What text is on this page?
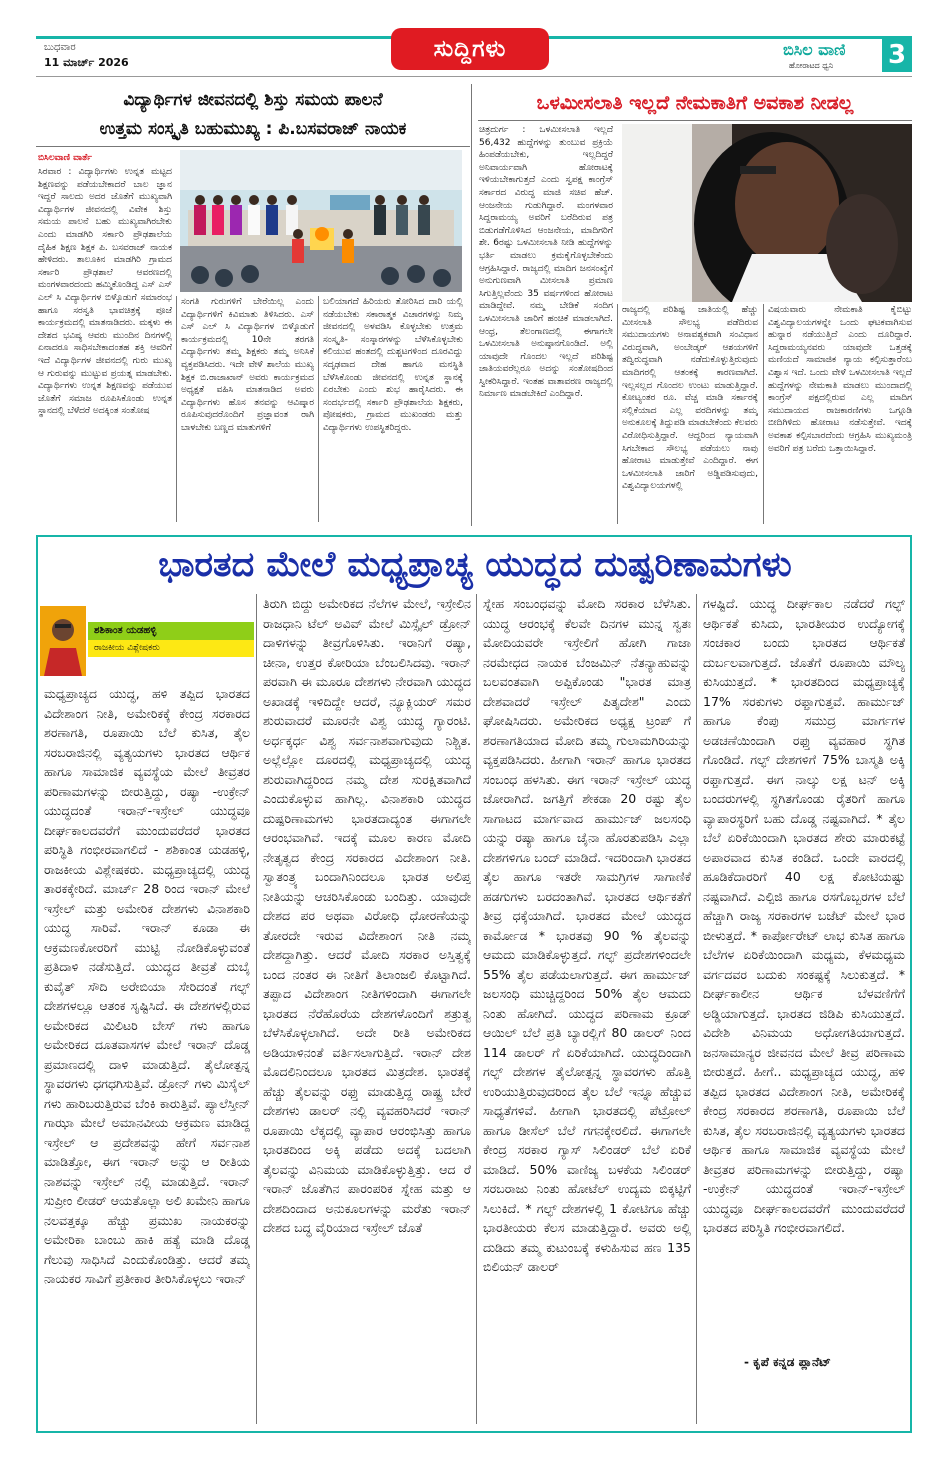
ಬುಧವಾರ
11 ಮಾರ್ಚ್ 2026
ಸುದ್ದಿಗಳು	ಬಿಸಿಲ ವಾಣಿ
ಹೋರಾಟದ ಧ್ವನಿ 3
ವಿದ್ಯಾರ್ಥಿಗಳ ಜೀವನದಲ್ಲಿ ಶಿಸ್ತು ಸಮಯ ಪಾಲನೆ
ಉತ್ತಮ ಸಂಸ್ಕೃತಿ ಬಹುಮುಖ್ಯ : ಪಿ.ಬಸವರಾಜ್ ನಾಯಕ
ಬಿಸಿಲವಾಣಿ ವಾರ್ತೆ
ಸಿರವಾರ : ವಿದ್ಯಾರ್ಥಿಗಳು ಉನ್ನತ ಮಟ್ಟದ ಶಿಕ್ಷಣವನ್ನು ಪಡೆಯಬೇಕಾದರೆ ಬಾಲ ಜ್ಞಾನ ಇದ್ದರೆ ಸಾಲದು ಅದರ ಜೊತೆಗೆ ಮುಖ್ಯವಾಗಿ ವಿದ್ಯಾರ್ಥಿಗಳ ಜೀವನದಲ್ಲಿ ವಿವೇಕ ಶಿಸ್ತು ಸಮಯ ಪಾಲನೆ ಬಹು ಮುಖ್ಯವಾಗಿರಬೇಕು ಎಂದು ಮಾಡಗಿರಿ ಸರ್ಕಾರಿ ಪ್ರೌಢಶಾಲೆಯ ದೈಹಿಕ ಶಿಕ್ಷಣ ಶಿಕ್ಷಕ ಪಿ. ಬಸವರಾಜ್ ನಾಯಕ ಹೇಳಿದರು. ತಾಲೂಕಿನ ಮಾಡಗಿರಿ ಗ್ರಾಮದ ಸರ್ಕಾರಿ ಪ್ರೌಢಶಾಲೆ ಆವರಣದಲ್ಲಿ ಮಂಗಳವಾರದಂದು ಹಮ್ಮಿಕೊಂಡಿದ್ದ ಎಸ್ ಎಸ್ ಎಲ್ ಸಿ ವಿದ್ಯಾರ್ಥಿಗಳ ಬಿಳ್ಕೊಡುಗೆ ಸಮಾರಂಭ ಹಾಗೂ ಸರಸ್ವತಿ ಭಾವಚಿತ್ರಕ್ಕೆ ಪೂಜೆ ಕಾರ್ಯಕ್ರಮದಲ್ಲಿ ಮಾತನಾಡಿದರು. ಮಕ್ಕಳು ಈ ದೇಶದ ಭವಿಷ್ಯ ಆವರು ಮುಂದಿನ ದಿನಗಳಲ್ಲಿ ಏನಾದರೂ ಸಾಧಿಸಬೇಕಾದಂತಹ ಶಕ್ತಿ ಆವರಿಗೆ ಇದೆ ವಿದ್ಯಾರ್ಥಿಗಳ ಜೀವನದಲ್ಲಿ ಗುರು ಮುಖ್ಯ ಆ ಗುರುವನ್ನು ಮುಟ್ಟುವ ಪ್ರಯತ್ನ ಮಾಡಬೇಕು. ವಿದ್ಯಾರ್ಥಿಗಳು ಉನ್ನತ ಶಿಕ್ಷಣವನ್ನು ಪಡೆಯುವ ಜೊತೆಗೆ ಸಮಾಜ ರೂಪಿಸಿಕೊಂಡು ಉನ್ನತ ಸ್ಥಾನದಲ್ಲಿ ಬೆಳೆದರೆ ಅದಕ್ಕಿಂತ ಸಂತೋಷ
ಸಂಗತಿ ಗುರುಗಳಿಗೆ ಬೇರೆಯಿಲ್ಲ ಎಂದು ವಿದ್ಯಾರ್ಥಿಗಳಿಗೆ ಕಿವಿಮಾತು ತಿಳಿಸಿದರು. ಎಸ್ ಎಸ್ ಎಲ್ ಸಿ ವಿದ್ಯಾರ್ಥಿಗಳ ಬಿಳ್ಕೊಡುಗೆ ಕಾರ್ಯಕ್ರಮದಲ್ಲಿ 10ನೇ ತರಗತಿ ವಿದ್ಯಾರ್ಥಿಗಳು ತಮ್ಮ ಶಿಕ್ಷಕರು ತಮ್ಮ ಅನಿಸಿಕೆ ವ್ಯಕ್ತಪಡಿಸಿದರು. ಇದೇ ವೇಳೆ ಶಾಲೆಯ ಮುಖ್ಯ ಶಿಕ್ಷಕ ಬಿ.ರಾಜಾಖಾನ್ ಅವರು ಕಾರ್ಯಕ್ರಮದ ಅಧ್ಯಕ್ಷತೆ ವಹಿಸಿ ಮಾತನಾಡಿದ ಅವರು ವಿದ್ಯಾರ್ಥಿಗಳು ಹೊಸ ತನವನ್ನು ಆವಿಷ್ಕಾರ ರೂಪಿಸುವುದರೊಂದಿಗೆ ಪ್ರಜ್ಞಾವಂತ ರಾಗಿ ಬಾಳಬೇಕು ಬಣ್ಣದ ಮಾತುಗಳಿಗೆ
ಬಲಿಯಾಗದೆ ಹಿರಿಯರು ತೋರಿಸಿದ ದಾರಿ ಯಲ್ಲಿ ನಡೆಯಬೇಕು ಸಕಾರಾತ್ಮಕ ವಿಚಾರಗಳನ್ನು ನಿಮ್ಮ ಜೀವನದಲ್ಲಿ ಅಳವಡಿಸಿ ಕೊಳ್ಳಬೇಕು ಉತ್ತಮ ಸಂಸ್ಕೃತಿ- ಸಂಸ್ಕಾರಗಳನ್ನು ಬೆಳೆಸಿಕೊಳ್ಳಬೇಕು ಕಲಿಯುವ ಹಂತದಲ್ಲಿ ದುಶ್ಚಟಗಳಿಂದ ದೂರವಿದ್ದು ಸದೃಢವಾದ ದೇಹ ಹಾಗೂ ಮನಸ್ಥಿತಿ ಬೆಳೆಸಿಕೊಂಡು ಜೀವನದಲ್ಲಿ ಉನ್ನತ ಸ್ಥಾನಕ್ಕೆ ಏರಬೇಕು ಎಂದು ಶುಭ ಹಾರೈಸಿದರು. ಈ ಸಂದರ್ಭದಲ್ಲಿ ಸರ್ಕಾರಿ ಪ್ರೌಢಶಾಲೆಯ ಶಿಕ್ಷಕರು, ಪೋಷಕರು, ಗ್ರಾಮದ ಮುಖಂಡರು ಮತ್ತು ವಿದ್ಯಾರ್ಥಿಗಳು ಉಪಸ್ಥಿತರಿದ್ದರು.
ಒಳಮೀಸಲಾತಿ ಇಲ್ಲದೆ ನೇಮಕಾತಿಗೆ ಅವಕಾಶ ನೀಡಲ್ಲ
ಚಿತ್ರದುರ್ಗ : ಒಳಮೀಸಲಾತಿ ಇಲ್ಲದೆ 56,432 ಹುದ್ದೆಗಳನ್ನು ತುಂಬುವ ಪ್ರಕ್ರಿಯೆ ಹಿಂಪಡೆಯಬೇಕು, ಇಲ್ಲದಿದ್ದರೆ ಅನಿವಾರ್ಯವಾಗಿ ಹೋರಾಟಕ್ಕೆ ಇಳಿಯಬೇಕಾಗುತ್ತದೆ ಎಂದು ಸ್ವಪಕ್ಷ ಕಾಂಗ್ರೆಸ್ ಸರ್ಕಾರದ ವಿರುದ್ಧ ಮಾಜಿ ಸಚಿವ ಹೆಚ್. ಆಂಜನೇಯ ಗುಡುಗಿದ್ದಾರೆ. ಮಂಗಳವಾರ ಸಿದ್ದರಾಮಯ್ಯ ಅವರಿಗೆ ಬರೆದಿರುವ ಪತ್ರ ಬಿಡುಗಡೆಗೊಳಿಸಿದ ಆಂಜನೇಯ, ಮಾದಿಗರಿಗೆ ಶೇ. 6ರಷ್ಟು ಒಳಮೀಸಲಾತಿ ನೀಡಿ ಹುದ್ದೆಗಳನ್ನು ಭರ್ತಿ ಮಾಡಲು ಕ್ರಮಕೈಗೊಳ್ಳಬೇಕೆಂದು ಆಗ್ರಹಿಸಿದ್ದಾರೆ. ರಾಜ್ಯದಲ್ಲಿ ಮಾದಿಗ ಜನಸಂಖ್ಯೆಗೆ ಅನುಗುಣವಾಗಿ ಮೀಸಲಾತಿ ಪ್ರಮಾಣ ಸಿಗುತ್ತಿಲ್ಲವೆಂದು 35 ವರ್ಷಗಳಿಂದ ಹೋರಾಟ ಮಾಡಿದ್ದೇವೆ. ನಮ್ಮ ಬೇಡಿಕೆ ಸಂದಿಗ ಒಳಮೀಸಲಾತಿ ಜಾರಿಗೆ ಹಂಚಿಕೆ ಮಾಡಲಾಗಿದೆ. ಆಂಧ್ರ, ತೆಲಂಗಾಣದಲ್ಲಿ ಈಗಾಗಲೇ ಒಳಮೀಸಲಾತಿ ಅನುಷ್ಠಾನಗೊಂಡಿದೆ. ಅಲ್ಲಿ ಯಾವುದೇ ಗೊಂದಲ ಇಲ್ಲದೆ ಪರಿಶಿಷ್ಟ ಜಾತಿಯವರೆಲ್ಲರೂ ಅದನ್ನು ಸಂತೋಷದಿಂದ ಸ್ವೀಕರಿಸಿದ್ದಾರೆ. ಇಂತಹ ವಾತಾವರಣ ರಾಜ್ಯದಲ್ಲಿ ನಿರ್ಮಾಣ ಮಾಡಬೇಕಿದೆ ಎಂದಿದ್ದಾರೆ.
ರಾಜ್ಯದಲ್ಲಿ ಪರಿಶಿಷ್ಟ ಜಾತಿಯಲ್ಲಿ ಹೆಚ್ಚು ಮೀಸಲಾತಿ ಸೌಲಭ್ಯ ಪಡೆದಿರುವ ಸಮುದಾಯಗಳು ಅನಾವಶ್ಯಕವಾಗಿ ಸಂವಿಧಾನ ವಿರುದ್ಧವಾಗಿ, ಅಂಬೇಡ್ಕರ್ ಆಶಯಗಳಿಗೆ ತದ್ವಿರುದ್ಧವಾಗಿ ನಡೆದುಕೊಳ್ಳುತ್ತಿರುವುದು ಮಾದಿಗರಲ್ಲಿ ಆತಂಕಕ್ಕೆ ಕಾರಣವಾಗಿದೆ. ಇಲ್ಲಸಲ್ಲದ ಗೊಂದಲ ಉಂಟು ಮಾಡುತ್ತಿದ್ದಾರೆ. ಕೋಟ್ಯಂತರ ರೂ. ವೆಚ್ಚ ಮಾಡಿ ಸರ್ಕಾರಕ್ಕೆ ಸಲ್ಲಿಕೆಯಾದ ಎಲ್ಲ ವರದಿಗಳನ್ನು ತಮ್ಮ ಅನುಕೂಲಕ್ಕೆ ತಿದ್ದುಪಡಿ ಮಾಡಬೇಕೆಂದು ಕೆಲವರು ವಿರೋಧಿಸುತ್ತಿದ್ದಾರೆ. ಆದ್ದರಿಂದ ನ್ಯಾಯವಾಗಿ ಸಿಗಬೇಕಾದ ಸೌಲಭ್ಯ ಪಡೆಯಲು ನಾವು ಹೋರಾಟ ಮಾಡುತ್ತೇವೆ ಎಂದಿದ್ದಾರೆ. ಈಗ ಒಳಮೀಸಲಾತಿ ಜಾರಿಗೆ ಅಡ್ಡಿಪಡಿಸುವುದು, ವಿಶ್ವವಿದ್ಯಾಲಯಗಳಲ್ಲಿ
ವಿಷಯವಾರು ನೇಮಕಾತಿ ಕೈಬಿಟ್ಟು ವಿಶ್ವವಿದ್ಯಾಲಯಗಳನ್ನೇ ಒಂದು ಘಟಕವಾಗಿಸುವ ಹುನ್ನಾರ ನಡೆಯುತ್ತಿದೆ ಎಂದು ದೂರಿದ್ದಾರೆ. ಸಿದ್ದರಾಮಯ್ಯನವರು ಯಾವುದೇ ಒತ್ತಡಕ್ಕೆ ಮಣಿಯದೆ ಸಾಮಾಜಿಕ ನ್ಯಾಯ ಕಲ್ಪಿಸುತ್ತಾರೆಂಬ ವಿಶ್ವಾಸ ಇದೆ. ಒಂದು ವೇಳೆ ಒಳಮೀಸಲಾತಿ ಇಲ್ಲದೆ ಹುದ್ದೆಗಳನ್ನು ನೇಮಕಾತಿ ಮಾಡಲು ಮುಂದಾದಲ್ಲಿ ಕಾಂಗ್ರೆಸ್ ಪಕ್ಷದಲ್ಲಿರುವ ಎಲ್ಲ ಮಾದಿಗ ಸಮುದಾಯದ ರಾಜಕಾರಣಿಗಳು ಒಗ್ಗೂಡಿ ಬೀದಿಗಿಳಿದು ಹೋರಾಟ ನಡೆಸುತ್ತೇವೆ. ಇದಕ್ಕೆ ಅವಕಾಶ ಕಲ್ಪಿಸಬಾರದೆಂದು ಆಗ್ರಹಿಸಿ ಮುಖ್ಯಮಂತ್ರಿ ಅವರಿಗೆ ಪತ್ರ ಬರೆದು ಒತ್ತಾಯಿಸಿದ್ದಾರೆ.
ಭಾರತದ ಮೇಲೆ ಮಧ್ಯಪ್ರಾಚ್ಯ ಯುದ್ಧದ ದುಷ್ಪರಿಣಾಮಗಳು
ಶಶಿಕಾಂತ ಯಡಹಳ್ಳಿ
ರಾಜಕೀಯ ವಿಶ್ಲೇಷಕರು
ಮಧ್ಯಪ್ರಾಚ್ಯದ ಯುದ್ಧ, ಹಳಿ ತಪ್ಪಿದ ಭಾರತದ ವಿದೇಶಾಂಗ ನೀತಿ, ಅಮೇರಿಕಕ್ಕೆ ಕೇಂದ್ರ ಸರಕಾರದ ಶರಣಾಗತಿ, ರೂಪಾಯಿ ಬೆಲೆ ಕುಸಿತ, ತೈಲ ಸರಬರಾಜಿನಲ್ಲಿ ವ್ಯತ್ಯಯಗಳು ಭಾರತದ ಆರ್ಥಿಕ ಹಾಗೂ ಸಾಮಾಜಿಕ ವ್ಯವಸ್ಥೆಯ ಮೇಲೆ ತೀವ್ರತರ ಪರಿಣಾಮಗಳನ್ನು ಬೀರುತ್ತಿದ್ದು, ರಷ್ಯಾ -ಉಕ್ರೇನ್ ಯುದ್ಧದಂತೆ ಇರಾನ್-ಇಸ್ರೇಲ್ ಯುದ್ಧವೂ ದೀರ್ಘಕಾಲದವರೆಗೆ ಮುಂದುವರೆದರೆ ಭಾರತದ ಪರಿಸ್ಥಿತಿ ಗಂಭೀರವಾಗಲಿದೆ - ಶಶಿಕಾಂತ ಯಡಹಳ್ಳಿ, ರಾಜಕೀಯ ವಿಶ್ಲೇಷಕರು. ಮಧ್ಯಪ್ರಾಚ್ಯದಲ್ಲಿ ಯುದ್ಧ ತಾರಕಕ್ಕೇರಿದೆ. ಮಾರ್ಚ್ 28 ರಿಂದ ಇರಾನ್ ಮೇಲೆ ಇಸ್ರೇಲ್ ಮತ್ತು ಅಮೇರಿಕ ದೇಶಗಳು ವಿನಾಶಕಾರಿ ಯುದ್ಧ ಸಾರಿವೆ. ಇರಾನ್ ಕೂಡಾ ಈ ಆಕ್ರಮಣಕೋರರಿಗೆ ಮುಟ್ಟಿ ನೋಡಿಕೊಳ್ಳುವಂತೆ ಪ್ರತಿದಾಳಿ ನಡೆಸುತ್ತಿದೆ. ಯುದ್ಧದ ತೀವ್ರತೆ ದುಬೈ ಕುವೈತ್ ಸೌದಿ ಅರೇಬಿಯಾ ಸೇರಿದಂತೆ ಗಲ್ಫ್ ದೇಶಗಳಲ್ಲೂ ಆತಂಕ ಸೃಷ್ಟಿಸಿದೆ. ಈ ದೇಶಗಳಲ್ಲಿರುವ ಅಮೇರಿಕದ ಮಿಲಿಟರಿ ಬೇಸ್ ಗಳು ಹಾಗೂ ಅಮೇರಿಕದ ದೂತವಾಸಗಳ ಮೇಲೆ ಇರಾನ್ ದೊಡ್ಡ ಪ್ರಮಾಣದಲ್ಲಿ ದಾಳಿ ಮಾಡುತ್ತಿದೆ. ತೈಲೋತ್ಪನ್ನ ಸ್ಥಾವರಗಳು ಧಗಧಗಿಸುತ್ತಿವೆ. ಡ್ರೋನ್ ಗಳು ಮಿಸೈಲ್ ಗಳು ಹಾರಿಬರುತ್ತಿರುವ ಬೆಂಕಿ ಕಾರುತ್ತಿವೆ. ಪ್ಯಾಲೆಸ್ತೀನ್ ಗಾಝಾ ಮೇಲೆ ಅಮಾನವೀಯ ಆಕ್ರಮಣ ಮಾಡಿದ್ದ ಇಸ್ರೇಲ್ ಆ ಪ್ರದೇಶವನ್ನು ಹೇಗೆ ಸರ್ವನಾಶ ಮಾಡಿತ್ತೋ, ಈಗ ಇರಾನ್ ಅನ್ನು ಆ ರೀತಿಯ ನಾಶವನ್ನು ಇಸ್ರೇಲ್ ನಲ್ಲಿ ಮಾಡುತ್ತಿದೆ. ಇರಾನ್ ಸುಪ್ರೀಂ ಲೀಡರ್ ಆಯತೊಲ್ಲಾ ಅಲಿ ಖಮೇನಿ ಹಾಗೂ ನಲವತ್ತಕ್ಕೂ ಹೆಚ್ಚು ಪ್ರಮುಖ ನಾಯಕರನ್ನು ಅಮೇರಿಕಾ ಬಾಂಬು ಹಾಕಿ ಹತ್ಯೆ ಮಾಡಿ ದೊಡ್ಡ ಗೆಲುವು ಸಾಧಿಸಿದೆ ಎಂದುಕೊಂಡಿತ್ತು. ಆದರೆ ತಮ್ಮ ನಾಯಕರ ಸಾವಿಗೆ ಪ್ರತೀಕಾರ ತೀರಿಸಿಕೊಳ್ಳಲು ಇರಾನ್
ತಿರುಗಿ ಬಿದ್ದು ಅಮೇರಿಕದ ನೆಲೆಗಳ ಮೇಲೆ, ಇಸ್ರೇಲಿನ ರಾಜಧಾನಿ ಟೆಲ್ ಅವಿವ್ ಮೇಲೆ ಮಿಸ್ಸೈಲ್ ಡ್ರೋನ್ ದಾಳಿಗಳನ್ನು ತೀವ್ರಗೊಳಿಸಿತು. ಇರಾನಿಗೆ ರಷ್ಯಾ, ಚೀನಾ, ಉತ್ತರ ಕೋರಿಯಾ ಬೆಂಬಲಿಸಿದವು. ಇರಾನ್ ಪರವಾಗಿ ಈ ಮೂರೂ ದೇಶಗಳು ನೇರವಾಗಿ ಯುದ್ಧದ ಅಖಾಡಕ್ಕೆ ಇಳಿದಿದ್ದೇ ಆದರೆ, ನ್ಯೂಕ್ಲಿಯರ್ ಸಮರ ಶುರುವಾದರೆ ಮೂರನೇ ವಿಶ್ವ ಯುದ್ಧ ಗ್ಯಾರಂಟಿ. ಅರ್ಧಕ್ಕರ್ಧ ವಿಶ್ವ ಸರ್ವನಾಶವಾಗುವುದು ನಿಶ್ಚಿತ. ಅಲ್ಲೆಲ್ಲೋ ದೂರದಲ್ಲಿ ಮಧ್ಯಪ್ರಾಚ್ಯದಲ್ಲಿ ಯುದ್ಧ ಶುರುವಾಗಿದ್ದರಿಂದ ನಮ್ಮ ದೇಶ ಸುರಕ್ಷಿತವಾಗಿದೆ ಎಂದುಕೊಳ್ಳುವ ಹಾಗಿಲ್ಲ. ವಿನಾಶಕಾರಿ ಯುದ್ಧದ ದುಷ್ಪರಿಣಾಮಗಳು ಭಾರತದಾದ್ಯಂತ ಈಗಾಗಲೇ ಆರಂಭವಾಗಿವೆ. ಇದಕ್ಕೆ ಮೂಲ ಕಾರಣ ಮೋದಿ ನೇತೃತ್ವದ ಕೇಂದ್ರ ಸರಕಾರದ ವಿದೇಶಾಂಗ ನೀತಿ. ಸ್ವಾತಂತ್ರ್ಯ ಬಂದಾಗಿನಿಂದಲೂ ಭಾರತ ಅಲಿಪ್ತ ನೀತಿಯನ್ನು ಆಚರಿಸಿಕೊಂಡು ಬಂದಿತ್ತು. ಯಾವುದೇ ದೇಶದ ಪರ ಅಥವಾ ವಿರೋಧಿ ಧೋರಣೆಯನ್ನು ತೋರದೇ ಇರುವ ವಿದೇಶಾಂಗ ನೀತಿ ನಮ್ಮ ದೇಶದ್ದಾಗಿತ್ತು. ಆದರೆ ಮೋದಿ ಸರಕಾರ ಅಸ್ತಿತ್ವಕ್ಕೆ ಬಂದ ನಂತರ ಈ ನೀತಿಗೆ ತಿಲಾಂಜಲಿ ಕೊಟ್ಟಾಗಿದೆ. ತಪ್ಪಾದ ವಿದೇಶಾಂಗ ನೀತಿಗಳಿಂದಾಗಿ ಈಗಾಗಲೇ ಭಾರತದ ನೆರೆಹೊರೆಯ ದೇಶಗಳೊಂದಿಗೆ ಶತ್ರುತ್ವ ಬೆಳೆಸಿಕೊಳ್ಳಲಾಗಿದೆ. ಅದೇ ರೀತಿ ಅಮೇರಿಕದ ಅಡಿಯಾಳಿನಂತೆ ವರ್ತಿಸಲಾಗುತ್ತಿದೆ. ಇರಾನ್ ದೇಶ ಮೊದಲಿನಿಂದಲೂ ಭಾರತದ ಮಿತ್ರದೇಶ. ಭಾರತಕ್ಕೆ ಹೆಚ್ಚು ತೈಲವನ್ನು ರಫ್ತು ಮಾಡುತ್ತಿದ್ದ ರಾಷ್ಟ್ರ ಬೇರೆ ದೇಶಗಳು ಡಾಲರ್ ನಲ್ಲಿ ವ್ಯವಹರಿಸಿದರೆ ಇರಾನ್ ರೂಪಾಯಿ ಲೆಕ್ಕದಲ್ಲಿ ವ್ಯಾಪಾರ ಆರಂಭಿಸಿತ್ತು ಹಾಗೂ ಭಾರತದಿಂದ ಅಕ್ಕಿ ಪಡೆದು ಅದಕ್ಕೆ ಬದಲಾಗಿ ತೈಲವನ್ನು ವಿನಿಮಯ ಮಾಡಿಕೊಳ್ಳುತ್ತಿತ್ತು. ಆದ ರೆ ಇರಾನ್ ಜೊತೆಗಿನ ಪಾರಂಪರಿಕ ಸ್ನೇಹ ಮತ್ತು ಆ ದೇಶದಿಂದಾದ ಅನುಕೂಲಗಳನ್ನು ಮರೆತು ಇರಾನ್ ದೇಶದ ಬದ್ಧ ವೈರಿಯಾದ ಇಸ್ರೇಲ್ ಜೊತೆ
ಸ್ನೇಹ ಸಂಬಂಧವನ್ನು ಮೋದಿ ಸರಕಾರ ಬೆಳೆಸಿತು. ಯುದ್ಧ ಆರಂಭಕ್ಕೆ ಕೆಲವೇ ದಿನಗಳ ಮುನ್ನ ಸ್ವತಃ ಮೋದಿಯವರೇ ಇಸ್ರೇಲಿಗೆ ಹೋಗಿ ಗಾಜಾ ನರಮೇಧದ ನಾಯಕ ಬೆಂಜಮಿನ್ ನೆತನ್ಯಾಹುವನ್ನು ಬಲವಂತವಾಗಿ ಅಪ್ಪಿಕೊಂಡು "ಭಾರತ ಮಾತ್ರ ದೇಶವಾದರೆ ಇಸ್ರೇಲ್ ಪಿತೃದೇಶ" ಎಂದು ಘೋಷಿಸಿದರು. ಅಮೇರಿಕದ ಅಧ್ಯಕ್ಷ ಟ್ರಂಪ್ ಗೆ ಶರಣಾಗತಿಯಾದ ಮೋದಿ ತಮ್ಮ ಗುಲಾಮಗಿರಿಯನ್ನು ವ್ಯಕ್ತಪಡಿಸಿದರು. ಹೀಗಾಗಿ ಇರಾನ್ ಹಾಗೂ ಭಾರತದ ಸಂಬಂಧ ಹಳಸಿತು. ಈಗ ಇರಾನ್ ಇಸ್ರೇಲ್ ಯುದ್ಧ ಜೋರಾಗಿದೆ. ಜಗತ್ತಿಗೆ ಶೇಕಡಾ 20 ರಷ್ಟು ತೈಲ ಸಾಗಾಟದ ಮಾರ್ಗವಾದ ಹಾರ್ಮುಜ್ ಜಲಸಂಧಿ ಯನ್ನು ರಷ್ಯಾ ಹಾಗೂ ಚೈನಾ ಹೊರತುಪಡಿಸಿ ಎಲ್ಲಾ ದೇಶಗಳಿಗೂ ಬಂದ್ ಮಾಡಿದೆ. ಇದರಿಂದಾಗಿ ಭಾರತದ ತೈಲ ಹಾಗೂ ಇತರೇ ಸಾಮಗ್ರಿಗಳ ಸಾಗಾಣಿಕೆ ಹಡಗುಗಳು ಬರದಂತಾಗಿವೆ. ಭಾರತದ ಆರ್ಥಿಕತೆಗೆ ತೀವ್ರ ಧಕ್ಕೆಯಾಗಿದೆ. ಭಾರತದ ಮೇಲೆ ಯುದ್ಧದ ಕಾರ್ಮೋಡ * ಭಾರತವು 90 % ತೈಲವನ್ನು ಆಮದು ಮಾಡಿಕೊಳ್ಳುತ್ತದೆ. ಗಲ್ಫ್ ಪ್ರದೇಶಗಳಿಂದಲೇ 55% ತೈಲ ಪಡೆಯಲಾಗುತ್ತದೆ. ಈಗ ಹಾರ್ಮುಜ್ ಜಲಸಂಧಿ ಮುಚ್ಚಿದ್ದರಿಂದ 50% ತೈಲ ಆಮದು ನಿಂತು ಹೋಗಿದೆ. ಯುದ್ಧದ ಪರಿಣಾಮ ಕ್ರೂಡ್ ಆಯಿಲ್ ಬೆಲೆ ಪ್ರತಿ ಬ್ಯಾರಲ್ಲಿಗೆ 80 ಡಾಲರ್ ನಿಂದ 114 ಡಾಲರ್ ಗೆ ಏರಿಕೆಯಾಗಿದೆ. ಯುದ್ಧದಿಂದಾಗಿ ಗಲ್ಫ್ ದೇಶಗಳ ತೈಲೋತ್ಪನ್ನ ಸ್ಥಾವರಗಳು ಹೊತ್ತಿ ಉರಿಯುತ್ತಿರುವುದರಿಂದ ತೈಲ ಬೆಲೆ ಇನ್ನೂ ಹೆಚ್ಚುವ ಸಾಧ್ಯತೆಗಳಿವೆ. ಹೀಗಾಗಿ ಭಾರತದಲ್ಲಿ ಪೆಟ್ರೋಲ್ ಹಾಗೂ ಡೀಸೆಲ್ ಬೆಲೆ ಗಗನಕ್ಕೇರಲಿದೆ. ಈಗಾಗಲೇ ಕೇಂದ್ರ ಸರಕಾರ ಗ್ಯಾಸ್ ಸಿಲಿಂಡರ್ ಬೆಲೆ ಏರಿಕೆ ಮಾಡಿದೆ. 50% ವಾಣಿಜ್ಯ ಬಳಕೆಯ ಸಿಲಿಂಡರ್ ಸರಬರಾಜು ನಿಂತು ಹೋಟೆಲ್ ಉದ್ಯಮ ಬಿಕ್ಕಟ್ಟಿಗೆ ಸಿಲುಕಿದೆ. * ಗಲ್ಫ್ ದೇಶಗಳಲ್ಲಿ 1 ಕೋಟಿಗೂ ಹೆಚ್ಚು ಭಾರತೀಯರು ಕೆಲಸ ಮಾಡುತ್ತಿದ್ದಾರೆ. ಅವರು ಅಲ್ಲಿ ದುಡಿದು ತಮ್ಮ ಕುಟುಂಬಕ್ಕೆ ಕಳುಹಿಸುವ ಹಣ 135 ಬಿಲಿಯನ್ ಡಾಲರ್
ಗಳಷ್ಟಿದೆ. ಯುದ್ಧ ದೀರ್ಘಕಾಲ ನಡೆದರೆ ಗಲ್ಫ್ ಆರ್ಥಿಕತೆ ಕುಸಿದು, ಭಾರತೀಯರ ಉದ್ಯೋಗಕ್ಕೆ ಸಂಚಕಾರ ಬಂದು ಭಾರತದ ಆರ್ಥಿಕತೆ ದುರ್ಬಲವಾಗುತ್ತದೆ. ಜೊತೆಗೆ ರೂಪಾಯಿ ಮೌಲ್ಯ ಕುಸಿಯುತ್ತದೆ. * ಭಾರತದಿಂದ ಮಧ್ಯಪ್ರಾಚ್ಯಕ್ಕೆ 17% ಸರಕುಗಳು ರಫ್ತಾಗುತ್ತವೆ. ಹಾರ್ಮುಜ್ ಹಾಗೂ ಕೆಂಪು ಸಮುದ್ರ ಮಾರ್ಗಗಳ ಅಡಚಣೆಯಿಂದಾಗಿ ರಫ್ತು ವ್ಯವಹಾರ ಸ್ಥಗಿತ ಗೊಂಡಿದೆ. ಗಲ್ಫ್ ದೇಶಗಳಿಗೆ 75% ಬಾಸ್ಮತಿ ಅಕ್ಕಿ ರಫ್ತಾಗುತ್ತದೆ. ಈಗ ನಾಲ್ಕು ಲಕ್ಷ ಟನ್ ಅಕ್ಕಿ ಬಂದರುಗಳಲ್ಲಿ ಸ್ಥಗಿತಗೊಂಡು ರೈತರಿಗೆ ಹಾಗೂ ವ್ಯಾಪಾರಸ್ಥರಿಗೆ ಬಹು ದೊಡ್ಡ ನಷ್ಟವಾಗಿದೆ. * ತೈಲ ಬೆಲೆ ಏರಿಕೆಯಿಂದಾಗಿ ಭಾರತದ ಶೇರು ಮಾರುಕಟ್ಟೆ ಅಪಾರವಾದ ಕುಸಿತ ಕಂಡಿದೆ. ಒಂದೇ ವಾರದಲ್ಲಿ ಹೂಡಿಕೆದಾರರಿಗೆ 40 ಲಕ್ಷ ಕೋಟಿಯಷ್ಟು ನಷ್ಟವಾಗಿದೆ. ಎಲ್ಪಿಜಿ ಹಾಗೂ ರಸಗೊಬ್ಬರಗಳ ಬೆಲೆ ಹೆಚ್ಚಾಗಿ ರಾಜ್ಯ ಸರಕಾರಗಳ ಬಜೆಟ್ ಮೇಲೆ ಭಾರ ಬೀಳುತ್ತದೆ. * ಕಾರ್ಪೋರೇಟ್ ಲಾಭ ಕುಸಿತ ಹಾಗೂ ಬೆಲೆಗಳ ಏರಿಕೆಯಿಂದಾಗಿ ಮಧ್ಯಮ, ಕೆಳಮಧ್ಯಮ ವರ್ಗದವರ ಬದುಕು ಸಂಕಷ್ಟಕ್ಕೆ ಸಿಲುಕುತ್ತದೆ. * ದೀರ್ಘಕಾಲೀನ ಆರ್ಥಿಕ ಬೆಳವಣಿಗೆಗೆ ಅಡ್ಡಿಯಾಗುತ್ತದೆ. ಭಾರತದ ಜಿಡಿಪಿ ಕುಸಿಯುತ್ತದೆ. ವಿದೇಶಿ ವಿನಿಮಯ ಅಧೋಗತಿಯಾಗುತ್ತದೆ. ಜನಸಾಮಾನ್ಯರ ಜೀವನದ ಮೇಲೆ ತೀವ್ರ ಪರಿಣಾಮ ಬೀರುತ್ತದೆ. ಹೀಗೆ.. ಮಧ್ಯಪ್ರಾಚ್ಯದ ಯುದ್ಧ, ಹಳಿ ತಪ್ಪಿದ ಭಾರತದ ವಿದೇಶಾಂಗ ನೀತಿ, ಅಮೇರಿಕಕ್ಕೆ ಕೇಂದ್ರ ಸರಕಾರದ ಶರಣಾಗತಿ, ರೂಪಾಯಿ ಬೆಲೆ ಕುಸಿತ, ತೈಲ ಸರಬರಾಜಿನಲ್ಲಿ ವ್ಯತ್ಯಯಗಳು ಭಾರತದ ಆರ್ಥಿಕ ಹಾಗೂ ಸಾಮಾಜಿಕ ವ್ಯವಸ್ಥೆಯ ಮೇಲೆ ತೀವ್ರತರ ಪರಿಣಾಮಗಳನ್ನು ಬೀರುತ್ತಿದ್ದು, ರಷ್ಯಾ -ಉಕ್ರೇನ್ ಯುದ್ಧದಂತೆ ಇರಾನ್-ಇಸ್ರೇಲ್ ಯುದ್ಧವೂ ದೀರ್ಘಕಾಲದವರೆಗೆ ಮುಂದುವರೆದರೆ ಭಾರತದ ಪರಿಸ್ಥಿತಿ ಗಂಭೀರವಾಗಲಿದೆ.
- ಕೃಪೆ ಕನ್ನಡ ಪ್ಲಾನೆಟ್
